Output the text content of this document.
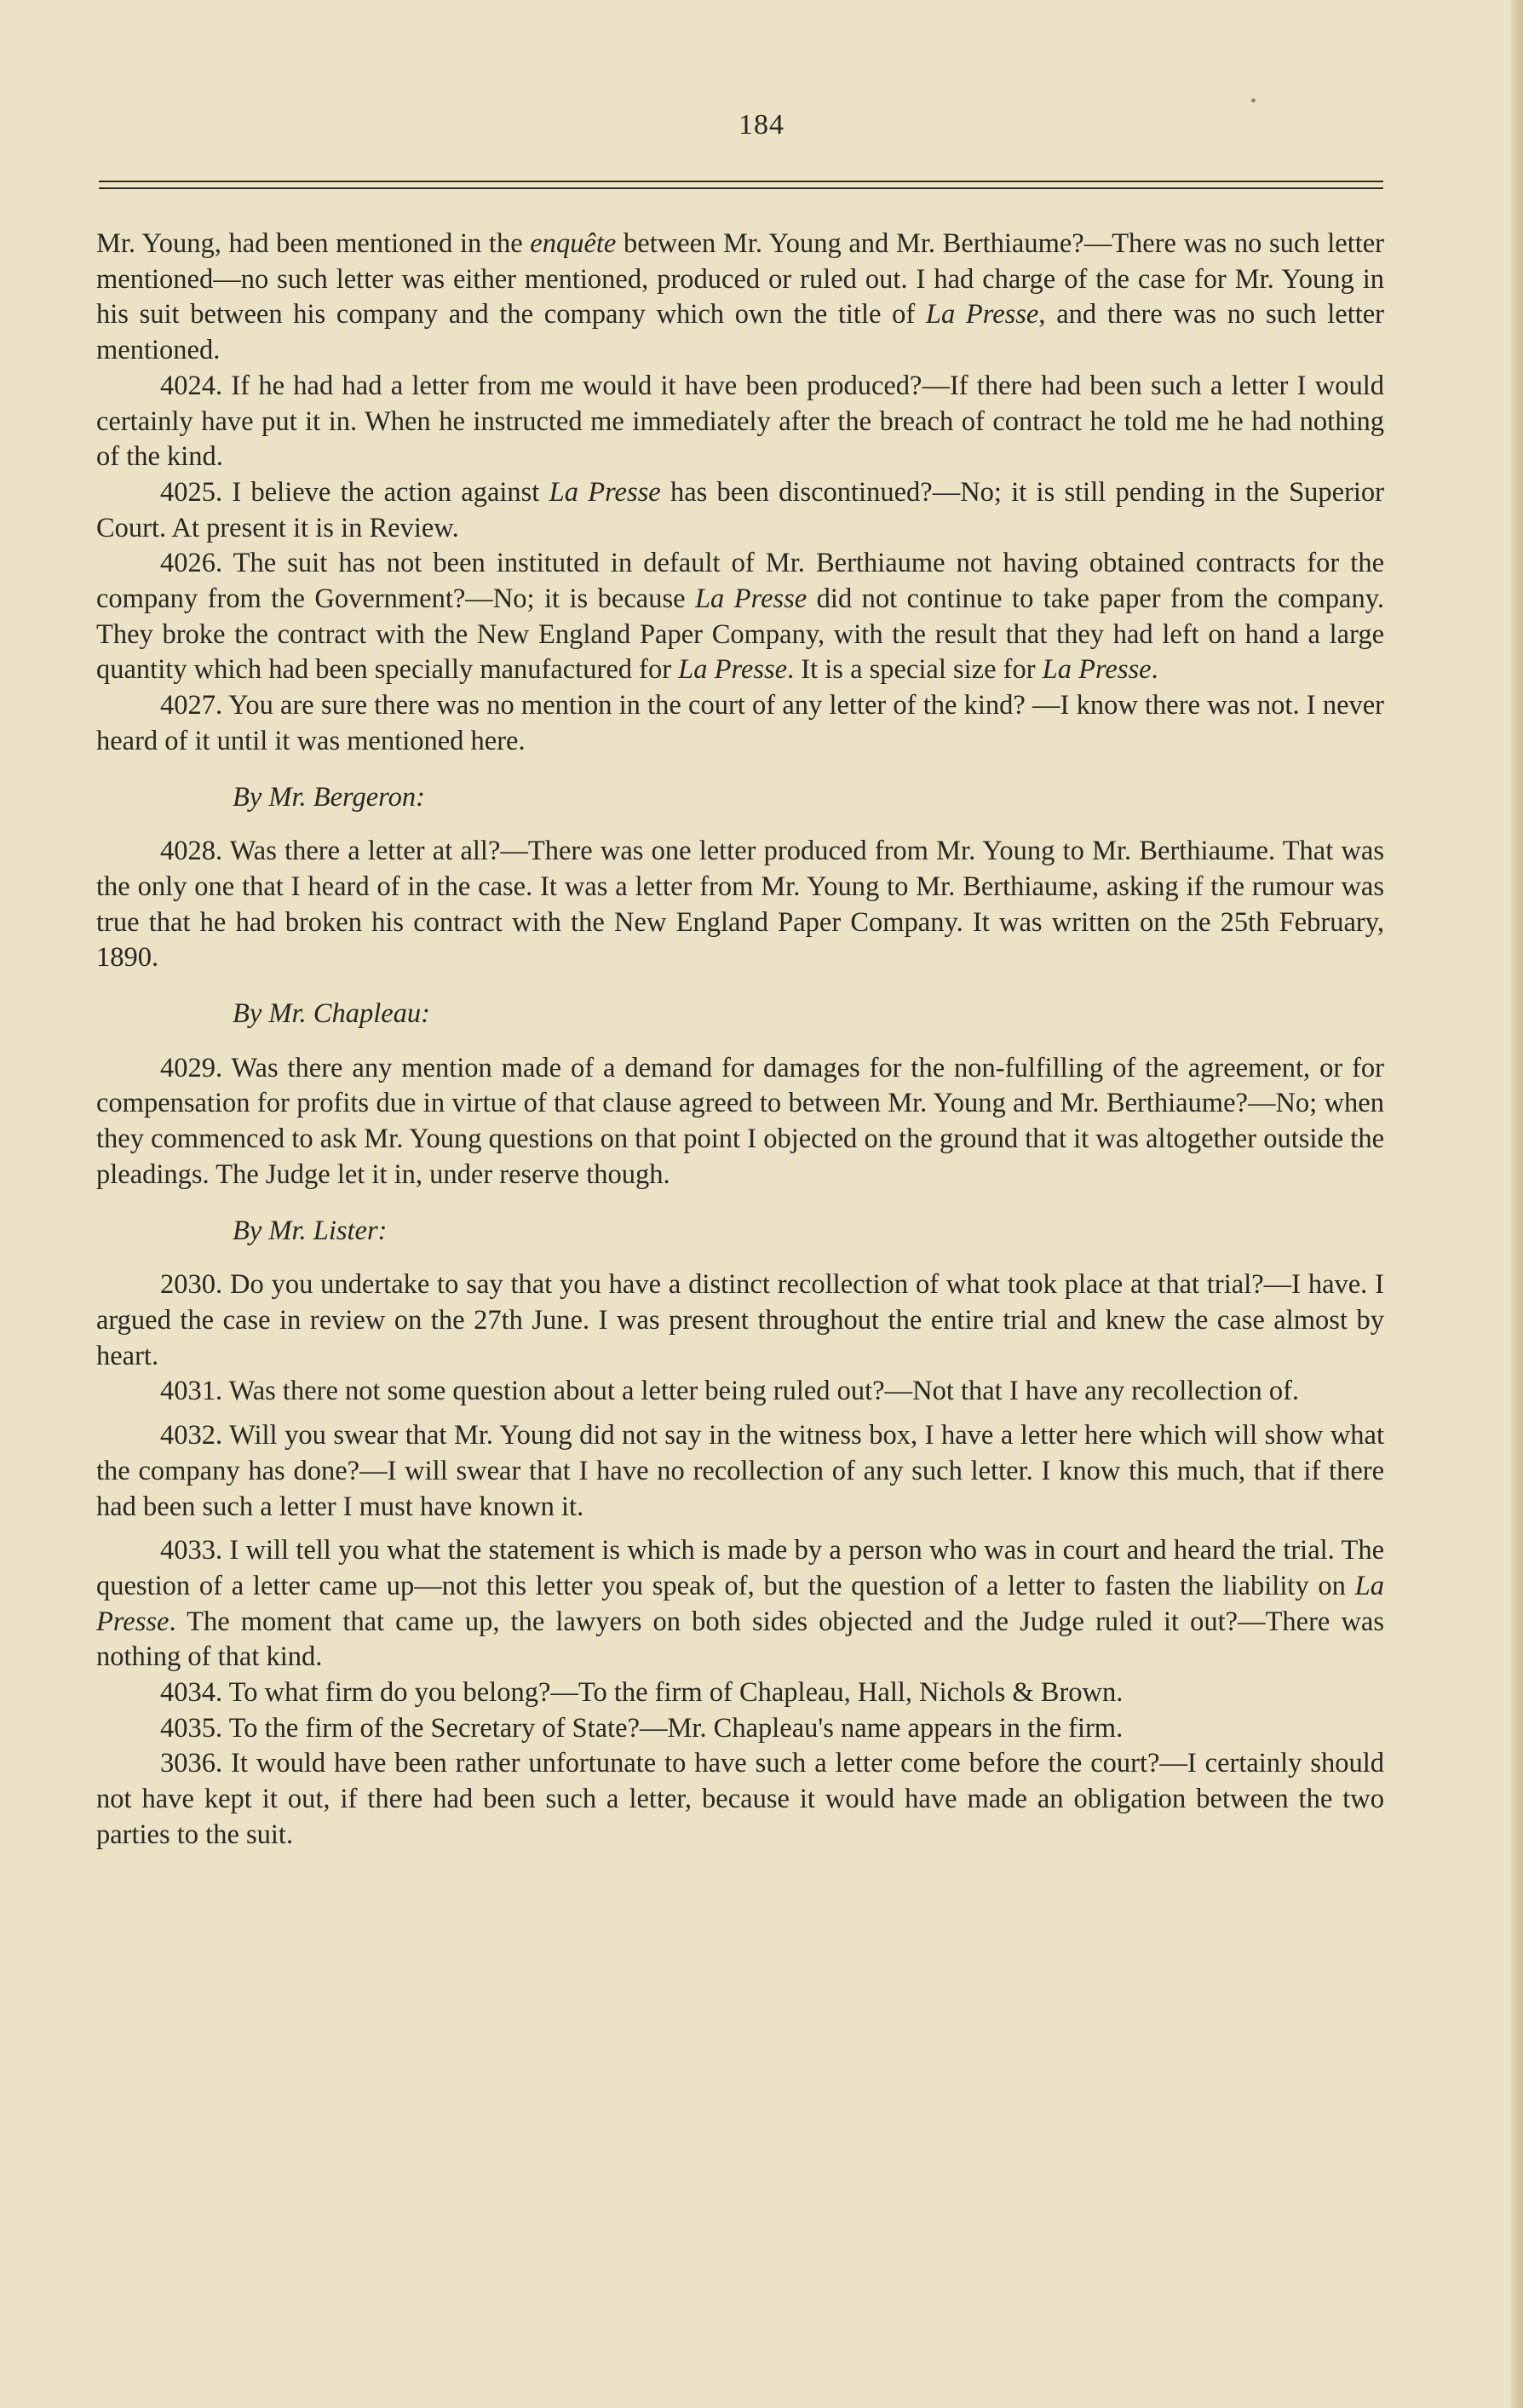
184

Mr. Young, had been mentioned in the enquête between Mr. Young and Mr. Berthiaume?—There was no such letter mentioned—no such letter was either mentioned, produced or ruled out. I had charge of the case for Mr. Young in his suit between his company and the company which own the title of La Presse, and there was no such letter mentioned.

4024. If he had had a letter from me would it have been produced?—If there had been such a letter I would certainly have put it in. When he instructed me immediately after the breach of contract he told me he had nothing of the kind.

4025. I believe the action against La Presse has been discontinued?—No; it is still pending in the Superior Court. At present it is in Review.

4026. The suit has not been instituted in default of Mr. Berthiaume not having obtained contracts for the company from the Government?—No; it is because La Presse did not continue to take paper from the company. They broke the contract with the New England Paper Company, with the result that they had left on hand a large quantity which had been specially manufactured for La Presse. It is a special size for La Presse.

4027. You are sure there was no mention in the court of any letter of the kind? —I know there was not. I never heard of it until it was mentioned here.

By Mr. Bergeron:

4028. Was there a letter at all?—There was one letter produced from Mr. Young to Mr. Berthiaume. That was the only one that I heard of in the case. It was a letter from Mr. Young to Mr. Berthiaume, asking if the rumour was true that he had broken his contract with the New England Paper Company. It was written on the 25th February, 1890.

By Mr. Chapleau:

4029. Was there any mention made of a demand for damages for the non-fulfilling of the agreement, or for compensation for profits due in virtue of that clause agreed to between Mr. Young and Mr. Berthiaume?—No; when they commenced to ask Mr. Young questions on that point I objected on the ground that it was altogether outside the pleadings. The Judge let it in, under reserve though.

By Mr. Lister:

2030. Do you undertake to say that you have a distinct recollection of what took place at that trial?—I have. I argued the case in review on the 27th June. I was present throughout the entire trial and knew the case almost by heart.

4031. Was there not some question about a letter being ruled out?—Not that I have any recollection of.

4032. Will you swear that Mr. Young did not say in the witness box, I have a letter here which will show what the company has done?—I will swear that I have no recollection of any such letter. I know this much, that if there had been such a letter I must have known it.

4033. I will tell you what the statement is which is made by a person who was in court and heard the trial. The question of a letter came up—not this letter you speak of, but the question of a letter to fasten the liability on La Presse. The moment that came up, the lawyers on both sides objected and the Judge ruled it out?—There was nothing of that kind.

4034. To what firm do you belong?—To the firm of Chapleau, Hall, Nichols & Brown.

4035. To the firm of the Secretary of State?—Mr. Chapleau's name appears in the firm.

3036. It would have been rather unfortunate to have such a letter come before the court?—I certainly should not have kept it out, if there had been such a letter, because it would have made an obligation between the two parties to the suit.

•
